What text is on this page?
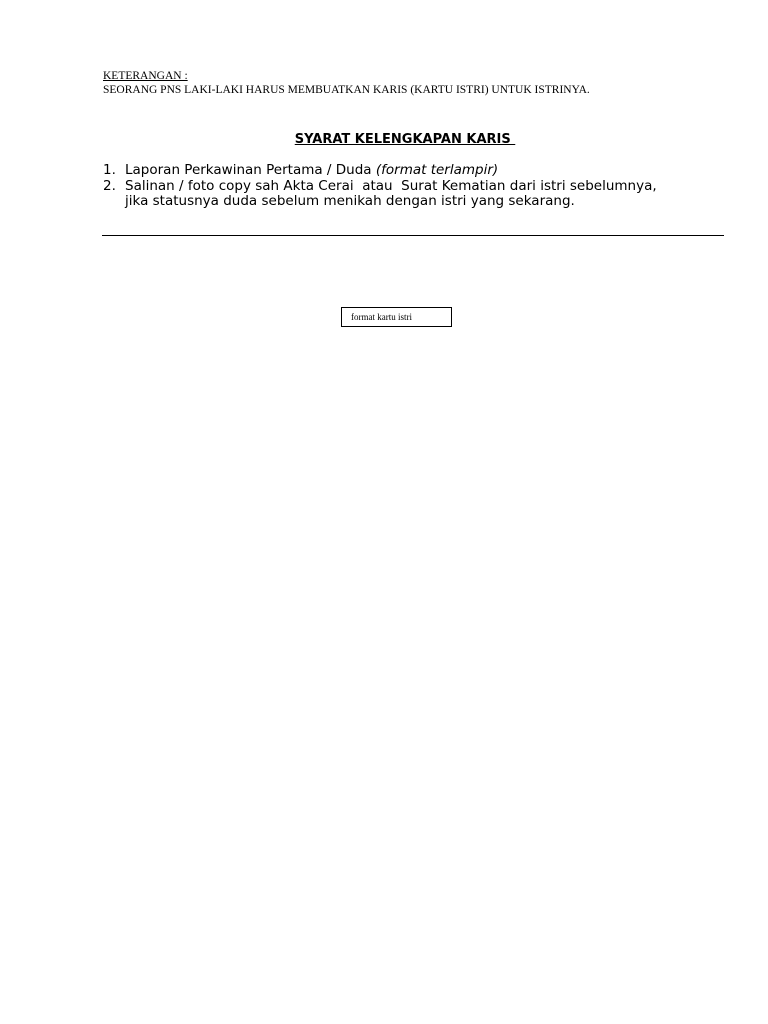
KETERANGAN :
SEORANG PNS LAKI-LAKI HARUS MEMBUATKAN KARIS (KARTU ISTRI) UNTUK ISTRINYA.
SYARAT KELENGKAPAN KARIS
1. Laporan Perkawinan Pertama / Duda (format terlampir)
2. Salinan / foto copy sah Akta Cerai  atau  Surat Kematian dari istri sebelumnya,
jika statusnya duda sebelum menikah dengan istri yang sekarang.
format kartu istri
